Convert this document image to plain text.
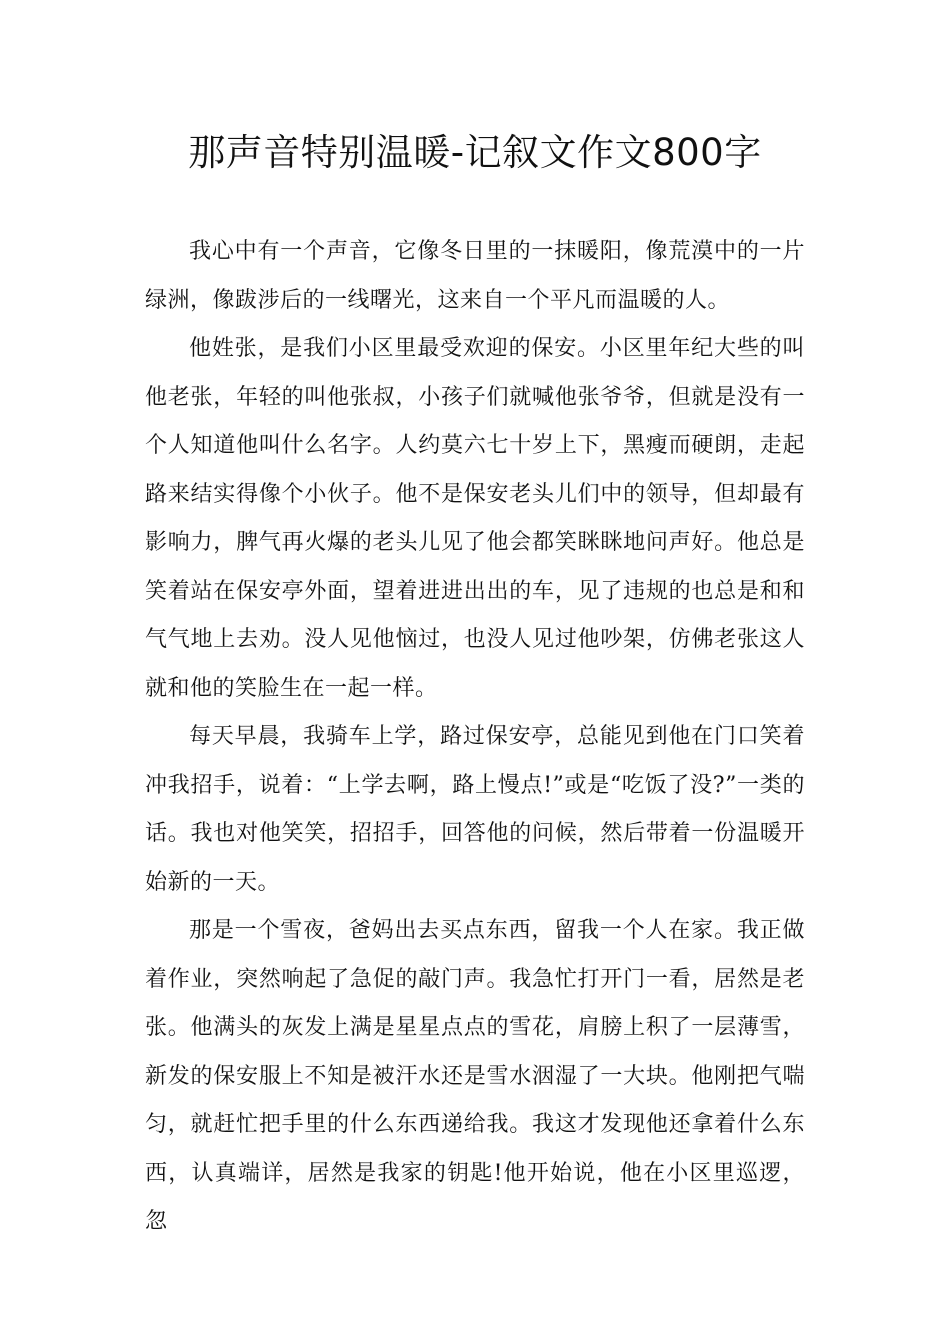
那声音特别温暖-记叙文作文800字

我心中有一个声音，它像冬日里的一抹暖阳，像荒漠中的一片绿洲，像跋涉后的一线曙光，这来自一个平凡而温暖的人。

他姓张，是我们小区里最受欢迎的保安。小区里年纪大些的叫他老张，年轻的叫他张叔，小孩子们就喊他张爷爷，但就是没有一个人知道他叫什么名字。人约莫六七十岁上下，黑瘦而硬朗，走起路来结实得像个小伙子。他不是保安老头儿们中的领导，但却最有影响力，脾气再火爆的老头儿见了他会都笑眯眯地问声好。他总是笑着站在保安亭外面，望着进进出出的车，见了违规的也总是和和气气地上去劝。没人见他恼过，也没人见过他吵架，仿佛老张这人就和他的笑脸生在一起一样。

每天早晨，我骑车上学，路过保安亭，总能见到他在门口笑着冲我招手，说着：“上学去啊，路上慢点!”或是“吃饭了没?”一类的话。我也对他笑笑，招招手，回答他的问候，然后带着一份温暖开始新的一天。

那是一个雪夜，爸妈出去买点东西，留我一个人在家。我正做着作业，突然响起了急促的敲门声。我急忙打开门一看，居然是老张。他满头的灰发上满是星星点点的雪花，肩膀上积了一层薄雪，新发的保安服上不知是被汗水还是雪水洇湿了一大块。他刚把气喘匀，就赶忙把手里的什么东西递给我。我这才发现他还拿着什么东西，认真端详，居然是我家的钥匙!他开始说，他在小区里巡逻，忽
